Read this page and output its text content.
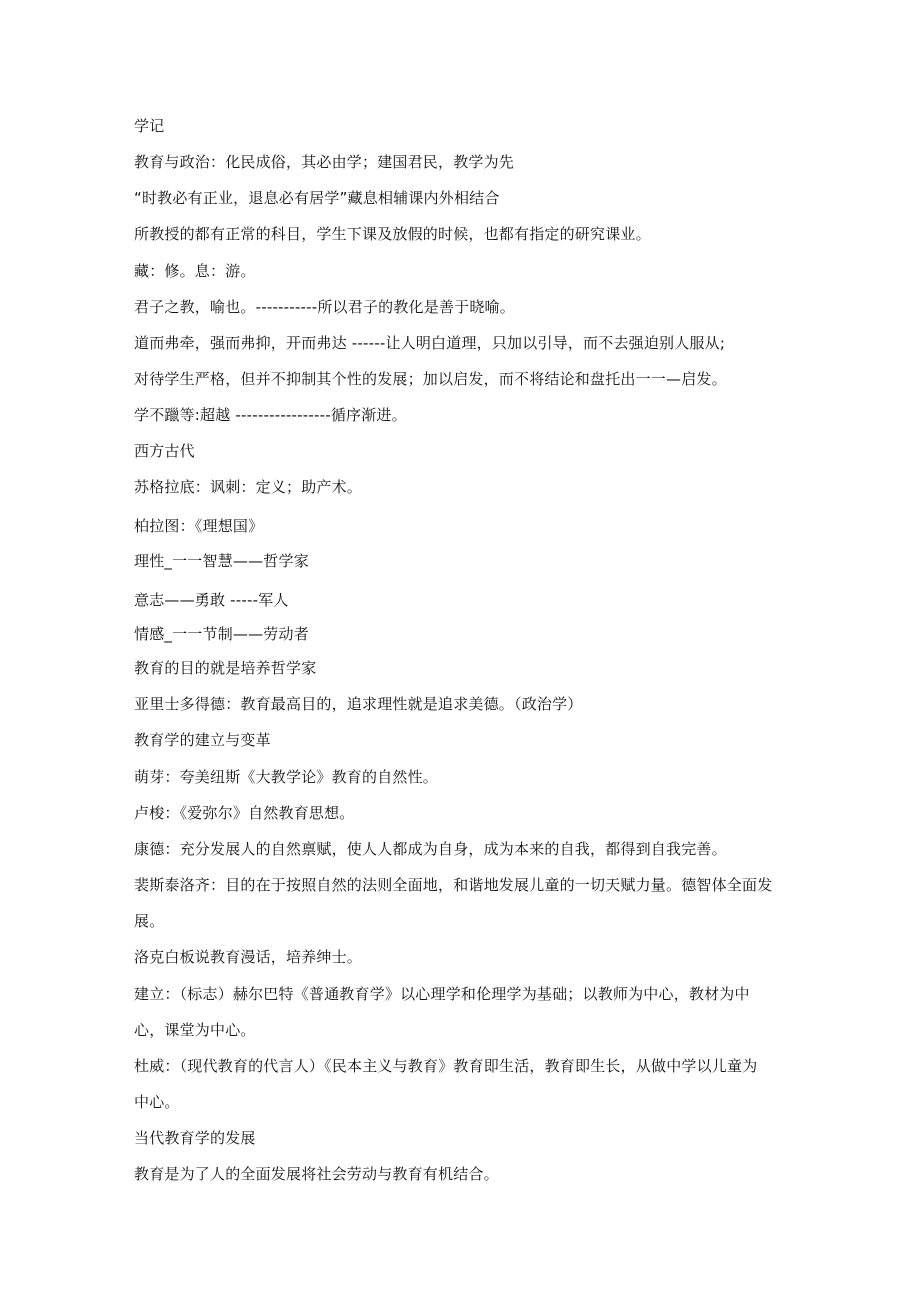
学记
教育与政治：化民成俗，其必由学；建国君民，教学为先
“时教必有正业，退息必有居学”藏息相辅课内外相结合
所教授的都有正常的科目，学生下课及放假的时候，也都有指定的研究课业。
藏：修。息：游。
君子之教，喻也。-----------所以君子的教化是善于晓喻。
道而弗牵，强而弗抑，开而弗达 ------让人明白道理，只加以引导，而不去强迫别人服从;
对待学生严格，但并不抑制其个性的发展；加以启发，而不将结论和盘托出一一—启发。
学不躐等:超越 -----------------循序渐进。
西方古代
苏格拉底：讽刺：定义；助产术。
柏拉图：《理想国》
理性_一一智慧——哲学家
意志——勇敢 -----军人
情感_一一节制——劳动者
教育的目的就是培养哲学家
亚里士多得德：教育最高目的，追求理性就是追求美德。（政治学）
教育学的建立与变革
萌芽：夸美纽斯《大教学论》教育的自然性。
卢梭：《爱弥尔》自然教育思想。
康德：充分发展人的自然禀赋，使人人都成为自身，成为本来的自我，都得到自我完善。
裴斯泰洛齐：目的在于按照自然的法则全面地，和谐地发展儿童的一切天赋力量。德智体全面发
展。
洛克白板说教育漫话，培养绅士。
建立：（标志）赫尔巴特《普通教育学》以心理学和伦理学为基础；以教师为中心，教材为中
心，课堂为中心。
杜威：（现代教育的代言人）《民本主义与教育》教育即生活，教育即生长，从做中学以儿童为
中心。
当代教育学的发展
教育是为了人的全面发展将社会劳动与教育有机结合。
